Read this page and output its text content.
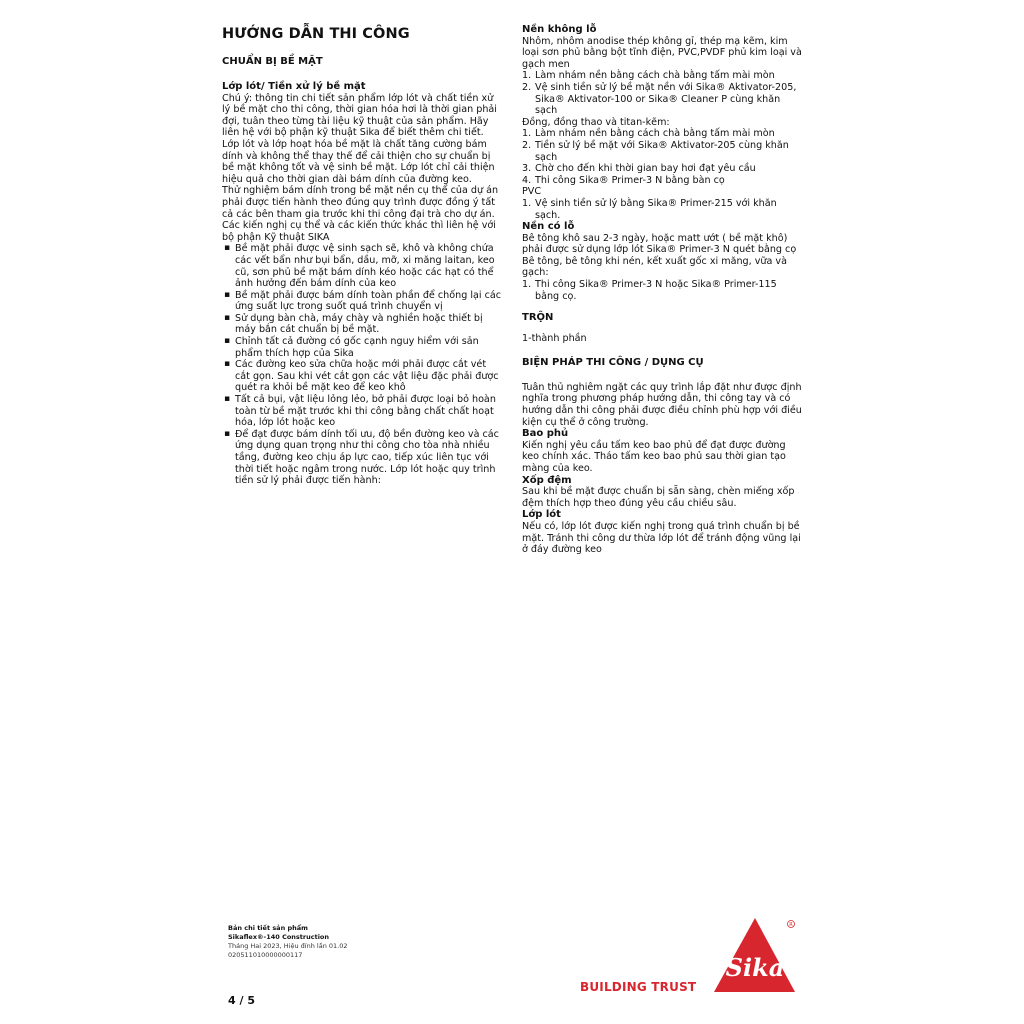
HƯỚNG DẪN THI CÔNG
CHUẨN BỊ BỀ MẶT
Lớp lót/ Tiền xử lý bề mặt

Chú ý: thông tin chi tiết sản phẩm lớp lót và chất tiền xử lý bề mặt cho thi công, thời gian hóa hơi là thời gian phải đợi, tuân theo từng tài liệu kỹ thuật của sản phẩm. Hãy liên hệ với bộ phận kỹ thuật Sika để biết thêm chi tiết.

Lớp lót và lớp hoạt hóa bề mặt là chất tăng cường bám dính và không thể thay thế để cải thiện cho sự chuẩn bị bề mặt không tốt và vệ sinh bề mặt. Lớp lót chỉ cải thiện hiệu quả cho thời gian dài bám dính của đường keo.

Thử nghiệm bám dính trong bề mặt nền cụ thể của dự án phải được tiến hành theo đúng quy trình được đồng ý tất cả các bên tham gia trước khi thi công đại trà cho dự án. Các kiến nghị cụ thể và các kiến thức khác thì liên hệ với bộ phận Kỹ thuật SIKA

▪ Bề mặt phải được vệ sinh sạch sẽ, khô và không chứa các vết bẩn như bụi bẩn, dầu, mỡ, xi măng laitan, keo cũ, sơn phủ bề mặt bám dính kéo hoặc các hạt có thể ảnh hưởng đến bám dính của keo
▪ Bề mặt phải được bám dính toàn phần để chống lại các ứng suất lực trong suốt quá trình chuyển vị
▪ Sử dụng bàn chà, máy chày và nghiền hoặc thiết bị máy bắn cát chuẩn bị bề mặt.
▪ Chỉnh tất cả đường có gốc cạnh nguy hiểm với sản phẩm thích hợp của Sika
▪ Các đường keo sửa chữa hoặc mới phải được cắt vét cắt gọn. Sau khi vét cắt gọn các vật liệu đặc phải được quét ra khỏi bề mặt keo để keo khô
▪ Tất cả bụi, vật liệu lỏng lẻo, bở phải được loại bỏ hoàn toàn từ bề mặt trước khi thi công bằng chất chất hoạt hóa, lớp lót hoặc keo
▪ Để đạt được bám dính tối ưu, độ bền đường keo và các ứng dụng quan trọng như thi công cho tòa nhà nhiều tầng, đường keo chịu áp lực cao, tiếp xúc liên tục với thời tiết hoặc ngâm trong nước. Lớp lót hoặc quy trình tiền sử lý phải được tiến hành:
Nền không lỗ

Nhôm, nhôm anodise thép không gỉ, thép mạ kẽm, kim loại sơn phủ bằng bột tĩnh điện, PVC,PVDF phủ kim loại và gạch men

1. Làm nhám nền bằng cách chà bằng tấm mài mòn
2. Vệ sinh tiền sử lý bề mặt nền với Sika® Aktivator-205, Sika® Aktivator-100 or Sika® Cleaner P cùng khăn sạch

Đồng, đồng thao và titan-kẽm:

1. Làm nhám nền bằng cách chà bằng tấm mài mòn
2. Tiền sử lý bề mặt với Sika® Aktivator-205 cùng khăn sạch
3. Chờ cho đến khi thời gian bay hơi đạt yêu cầu
4. Thi công Sika® Primer-3 N bằng bàn cọ

PVC

1. Vệ sinh tiền sử lý bằng Sika® Primer-215 với khăn sạch.
Nền có lỗ

Bê tông khô sau 2-3 ngày, hoặc matt ướt ( bề mặt khô) phải được sử dụng lớp lót Sika® Primer-3 N quét bằng cọ

Bê tông, bê tông khi nén, kết xuất gốc xi măng, vữa và gạch:

1. Thi công Sika® Primer-3 N hoặc Sika® Primer-115 bằng cọ.
TRỘN

1-thành phần

BIỆN PHÁP THI CÔNG / DỤNG CỤ

Tuân thủ nghiêm ngặt các quy trình lắp đặt như được định nghĩa trong phương pháp hướng dẫn, thi công tay và có hướng dẫn thi công phải được điều chỉnh phù hợp với điều kiện cụ thể ở công trường.

Bao phủ

Kiến nghị yêu cầu tấm keo bao phủ để đạt được đường keo chính xác. Tháo tấm keo bao phủ sau thời gian tạo màng của keo.

Xốp đệm

Sau khi bề mặt được chuẩn bị sẵn sàng, chèn miếng xốp đệm thích hợp theo đúng yêu cầu chiều sâu.

Lớp lót

Nếu có, lớp lót được kiến nghị trong quá trình chuẩn bị bề mặt. Tránh thi công dư thừa lớp lót để tránh động vũng lại ở đáy đường keo

Bản chi tiết sản phẩm
Sikaflex®-140 Construction
Tháng Hai 2023, Hiệu đính lần 01.02
020511010000000117
4 / 5
BUILDING TRUST
Sika
R
